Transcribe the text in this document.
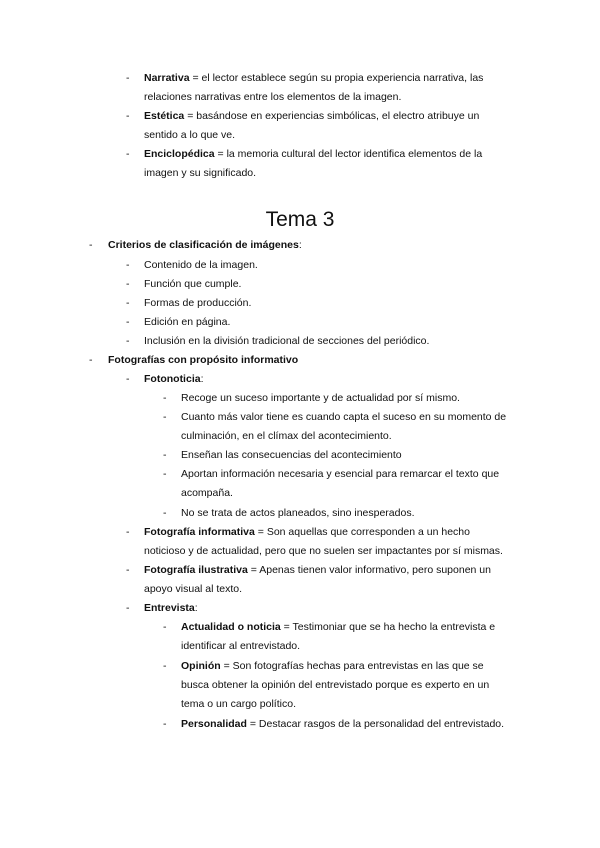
- Narrativa = el lector establece según su propia experiencia narrativa, las
relaciones narrativas entre los elementos de la imagen.
- Estética = basándose en experiencias simbólicas, el electro atribuye un
sentido a lo que ve.
- Enciclopédica = la memoria cultural del lector identifica elementos de la
imagen y su significado.
Tema 3
- Criterios de clasificación de imágenes:
- Contenido de la imagen.
- Función que cumple.
- Formas de producción.
- Edición en página.
- Inclusión en la división tradicional de secciones del periódico.
- Fotografías con propósito informativo
- Fotonoticia:
- Recoge un suceso importante y de actualidad por sí mismo.
- Cuanto más valor tiene es cuando capta el suceso en su momento de
culminación, en el clímax del acontecimiento.
- Enseñan las consecuencias del acontecimiento
- Aportan información necesaria y esencial para remarcar el texto que
acompaña.
- No se trata de actos planeados, sino inesperados.
- Fotografía informativa = Son aquellas que corresponden a un hecho
noticioso y de actualidad, pero que no suelen ser impactantes por sí mismas.
- Fotografía ilustrativa = Apenas tienen valor informativo, pero suponen un
apoyo visual al texto.
- Entrevista:
- Actualidad o noticia = Testimoniar que se ha hecho la entrevista e
identificar al entrevistado.
- Opinión = Son fotografías hechas para entrevistas en las que se
busca obtener la opinión del entrevistado porque es experto en un
tema o un cargo político.
- Personalidad = Destacar rasgos de la personalidad del entrevistado.
